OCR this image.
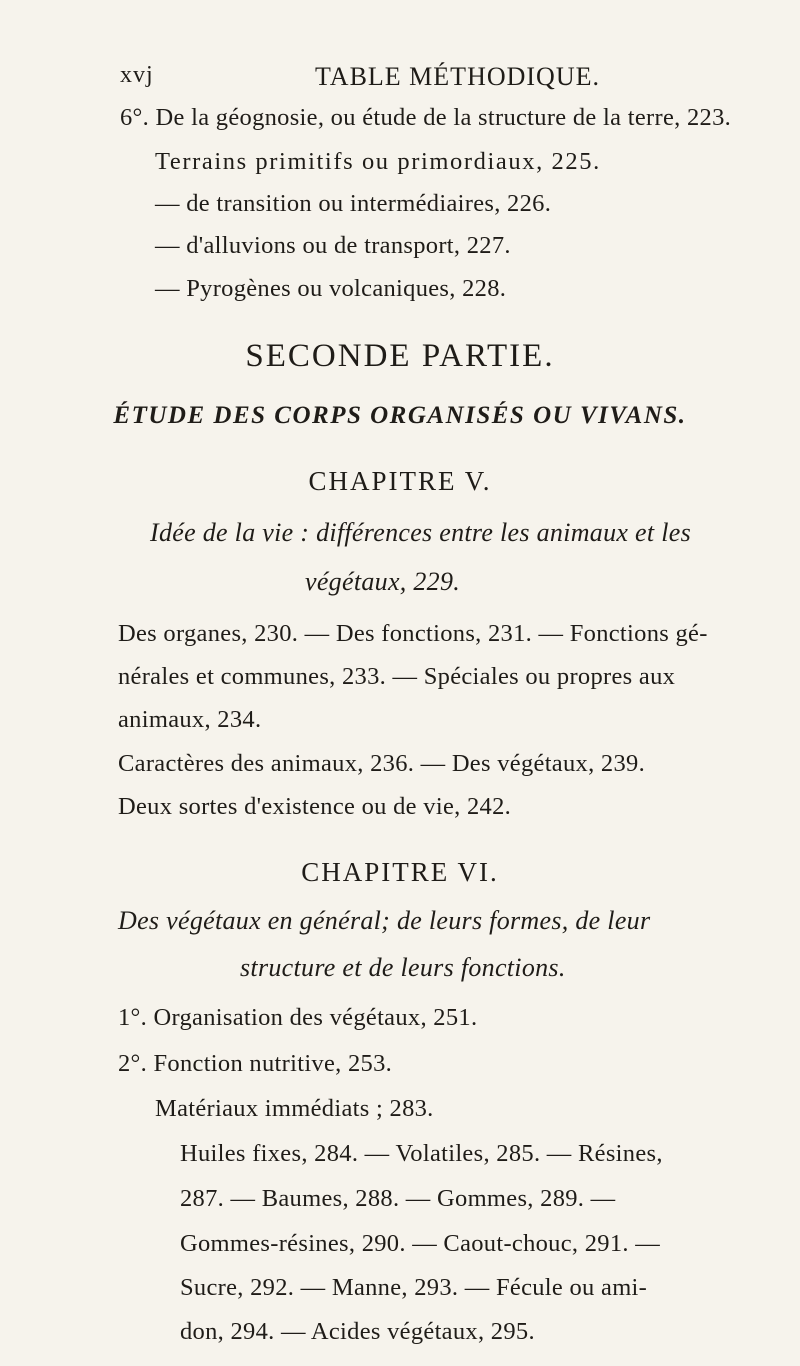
xvj	TABLE MÉTHODIQUE.
6°. De la géognosie, ou étude de la structure de la terre, 223.
Terrains primitifs ou primordiaux, 225.
— de transition ou intermédiaires, 226.
— d'alluvions ou de transport, 227.
— Pyrogènes ou volcaniques, 228.
SECONDE PARTIE.
ÉTUDE DES CORPS ORGANISÉS OU VIVANS.
CHAPITRE V.
Idée de la vie : différences entre les animaux et les
végétaux, 229.
Des organes, 230. — Des fonctions, 231. — Fonctions gé-
nérales et communes, 233. — Spéciales ou propres aux
animaux, 234.
Caractères des animaux, 236. — Des végétaux, 239.
Deux sortes d'existence ou de vie, 242.
CHAPITRE VI.
Des végétaux en général; de leurs formes, de leur
structure et de leurs fonctions.
1°. Organisation des végétaux, 251.
2°. Fonction nutritive, 253.
Matériaux immédiats ; 283.
Huiles fixes, 284. — Volatiles, 285. — Résines,
287. — Baumes, 288. — Gommes, 289. —
Gommes-résines, 290. — Caout-chouc, 291. —
Sucre, 292. — Manne, 293. — Fécule ou ami-
don, 294. — Acides végétaux, 295.
